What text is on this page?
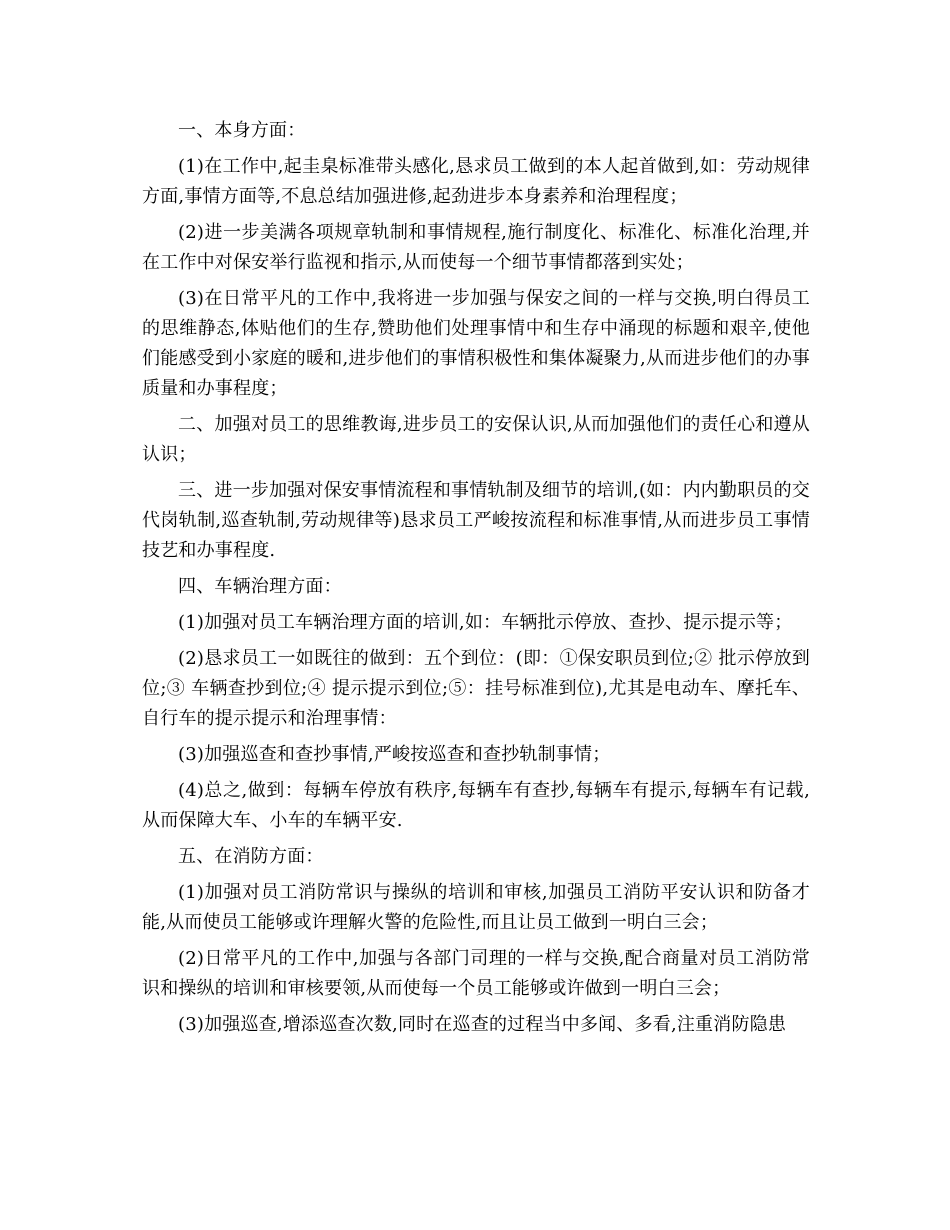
一、本身方面：

(1)在工作中,起圭臬标准带头感化,恳求员工做到的本人起首做到,如：劳动规律方面,事情方面等,不息总结加强进修,起劲进步本身素养和治理程度；

(2)进一步美满各项规章轨制和事情规程,施行制度化、标准化、标准化治理,并在工作中对保安举行监视和指示,从而使每一个细节事情都落到实处；

(3)在日常平凡的工作中,我将进一步加强与保安之间的一样与交换,明白得员工的思维静态,体贴他们的生存,赞助他们处理事情中和生存中涌现的标题和艰辛,使他们能感受到小家庭的暖和,进步他们的事情积极性和集体凝聚力,从而进步他们的办事质量和办事程度；

二、加强对员工的思维教诲,进步员工的安保认识,从而加强他们的责任心和遵从认识；

三、进一步加强对保安事情流程和事情轨制及细节的培训,(如：内内勤职员的交代岗轨制,巡查轨制,劳动规律等)恳求员工严峻按流程和标准事情,从而进步员工事情技艺和办事程度.

四、车辆治理方面：

(1)加强对员工车辆治理方面的培训,如：车辆批示停放、查抄、提示提示等；

(2)恳求员工一如既往的做到：五个到位：(即：①保安职员到位;② 批示停放到位;③ 车辆查抄到位;④ 提示提示到位;⑤：挂号标准到位),尤其是电动车、摩托车、自行车的提示提示和治理事情：

(3)加强巡查和查抄事情,严峻按巡查和查抄轨制事情；

(4)总之,做到：每辆车停放有秩序,每辆车有查抄,每辆车有提示,每辆车有记载,从而保障大车、小车的车辆平安.

五、在消防方面：

(1)加强对员工消防常识与操纵的培训和审核,加强员工消防平安认识和防备才能,从而使员工能够或许理解火警的危险性,而且让员工做到一明白三会；

(2)日常平凡的工作中,加强与各部门司理的一样与交换,配合商量对员工消防常识和操纵的培训和审核要领,从而使每一个员工能够或许做到一明白三会；

(3)加强巡查,增添巡查次数,同时在巡查的过程当中多闻、多看,注重消防隐患
